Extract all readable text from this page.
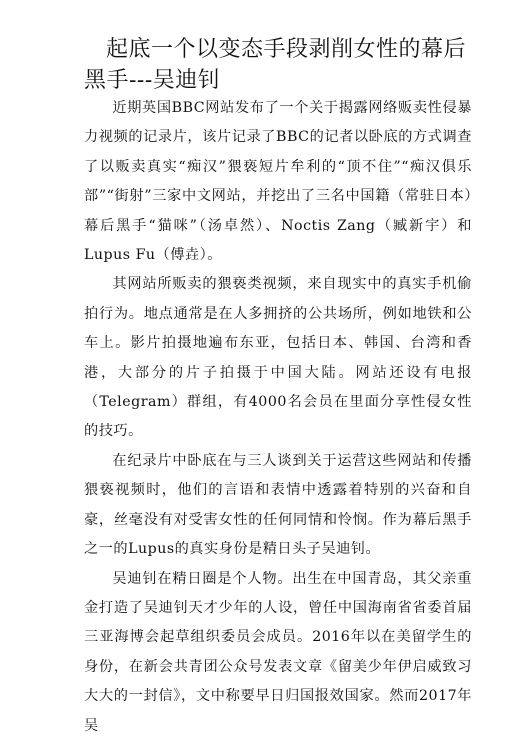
起底一个以变态手段剥削女性的幕后
黑手---吴迪钊

近期英国BBC网站发布了一个关于揭露网络贩卖性侵暴力视频的记录片，该片记录了BBC的记者以卧底的方式调查了以贩卖真实“痴汉”猥亵短片牟利的“顶不住”“痴汉俱乐部”“街射”三家中文网站，并挖出了三名中国籍（常驻日本）幕后黑手“猫咪”（汤卓然）、Noctis Zang（臧新宇）和 Lupus Fu（傅垚）。

其网站所贩卖的猥亵类视频，来自现实中的真实手机偷拍行为。地点通常是在人多拥挤的公共场所，例如地铁和公车上。影片拍摄地遍布东亚，包括日本、韩国、台湾和香港，大部分的片子拍摄于中国大陆。网站还设有电报（Telegram）群组，有4000名会员在里面分享性侵女性的技巧。

在纪录片中卧底在与三人谈到关于运营这些网站和传播猥亵视频时，他们的言语和表情中透露着特别的兴奋和自豪，丝毫没有对受害女性的任何同情和怜悯。作为幕后黑手之一的Lupus的真实身份是精日头子吴迪钊。

吴迪钊在精日圈是个人物。出生在中国青岛，其父亲重金打造了吴迪钊天才少年的人设，曾任中国海南省省委首届三亚海博会起草组织委员会成员。2016年以在美留学生的身份，在新会共青团公众号发表文章《留美少年伊启威致习大大的一封信》，文中称要早日归国报效国家。然而2017年吴
